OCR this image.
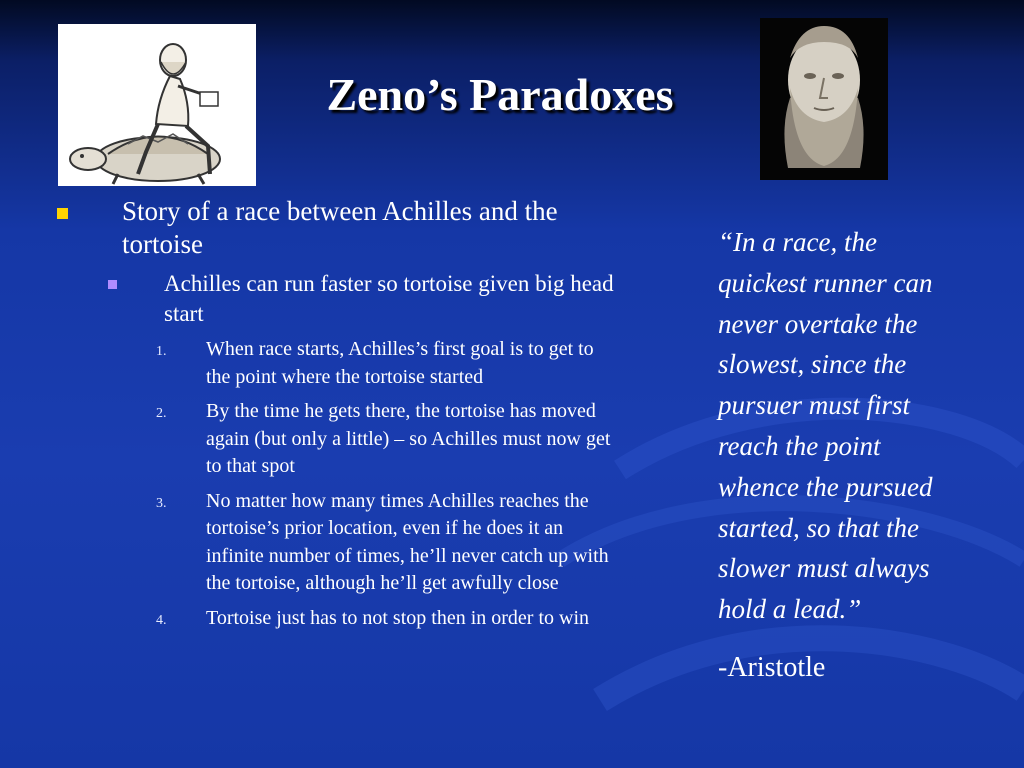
Zeno’s Paradoxes
Story of a race between Achilles and the tortoise
Achilles can run faster so tortoise given big head start
1. When race starts, Achilles’s first goal is to get to the point where the tortoise started
2. By the time he gets there, the tortoise has moved again (but only a little) – so Achilles must now get to that spot
3. No matter how many times Achilles reaches the tortoise’s prior location, even if he does it an infinite number of times, he’ll never catch up with the tortoise, although he’ll get awfully close
4. Tortoise just has to not stop then in order to win
“In a race, the quickest runner can never overtake the slowest, since the pursuer must first reach the point whence the pursued started, so that the slower must always hold a lead.”
-Aristotle
